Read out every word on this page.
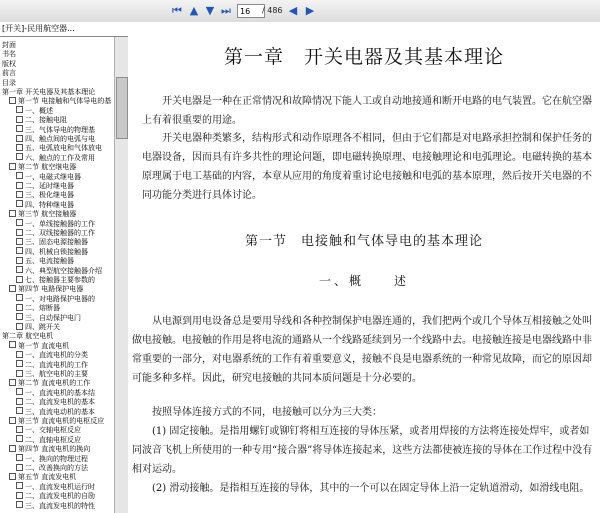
⏮ ▲ ▼ ⏭
16	/ 486 ◀ ▶
[开关]-民用航空器...
封面
书名
版权
前言
目录
第一章 开关电器及其基本理论
第一节 电接触和气体导电的基
一、概述
二、接触电阻
三、气体导电的物理基
四、触点间的电弧与电
五、电弧放电和气体放电
六、触点的工作及常用
第二节 航空继电器
一、电磁式继电器
二、延时继电器
三、极化继电器
四、特种继电器
第三节 航空接触器
一、单线接触器的工作
二、双线接触器的工作
三、固态电源接触器
四、机械自锁接触器
五、电流接触器
六、典型航空接触器介绍
七、接触器主要参数的
第四节 电路保护电器
一、对电路保护电器的
二、熔断器
三、自动保护电门
四、跳开关
第二章 航空电机
第一节 直流电机
一、直流电机的分类
二、直流电机的工作
三、航空电机的主要
第二节 直流电机的工作
一、直流电机的基本结
二、直流发电机的基本
三、直流电动机的基本
第三节 直流电机的电枢反应
一、交轴电枢反应
二、直轴电枢反应
第四节 直流电机的换向
一、换向的物理过程
二、改善换向的方法
第五节 直流发电机
一、直流发电机运行时
二、直流发电机的自励
三、直流发电机的特性
第一章　开关电器及其基本理论

开关电器是一种在正常情况和故障情况下能人工或自动地接通和断开电路的电气装置。它在航空器上有着很重要的用途。

开关电器种类繁多，结构形式和动作原理各不相同，但由于它们都是对电路承担控制和保护任务的电器设备，因而具有许多共性的理论问题，即电磁转换原理、电接触理论和电弧理论。电磁转换的基本原理属于电工基础的内容，本章从应用的角度着重讨论电接触和电弧的基本原理，然后按开关电器的不同功能分类进行具体讨论。

第一节　电接触和气体导电的基本理论
一、概　　述

从电源到用电设备总是要用导线和各种控制保护电器连通的，我们把两个或几个导体互相接触之处叫做电接触。电接触的作用是将电流的通路从一个线路延续到另一个线路中去。电接触连接是电器线路中非常重要的一部分，对电器系统的工作有着重要意义，接触不良是电器系统的一种常见故障，而它的原因却可能多种多样。因此，研究电接触的共同本质问题是十分必要的。

按照导体连接方式的不同，电接触可以分为三大类：

(1) 固定接触。是指用螺钉或铆钉将相互连接的导体压紧，或者用焊接的方法将连接处焊牢，或者如同波音飞机上所使用的一种专用“接合器”将导体连接起来，这些方法都使被连接的导体在工作过程中没有相对运动。

(2) 滑动接触。是指相互连接的导体，其中的一个可以在固定导体上沿一定轨道滑动，如滑线电阻。
